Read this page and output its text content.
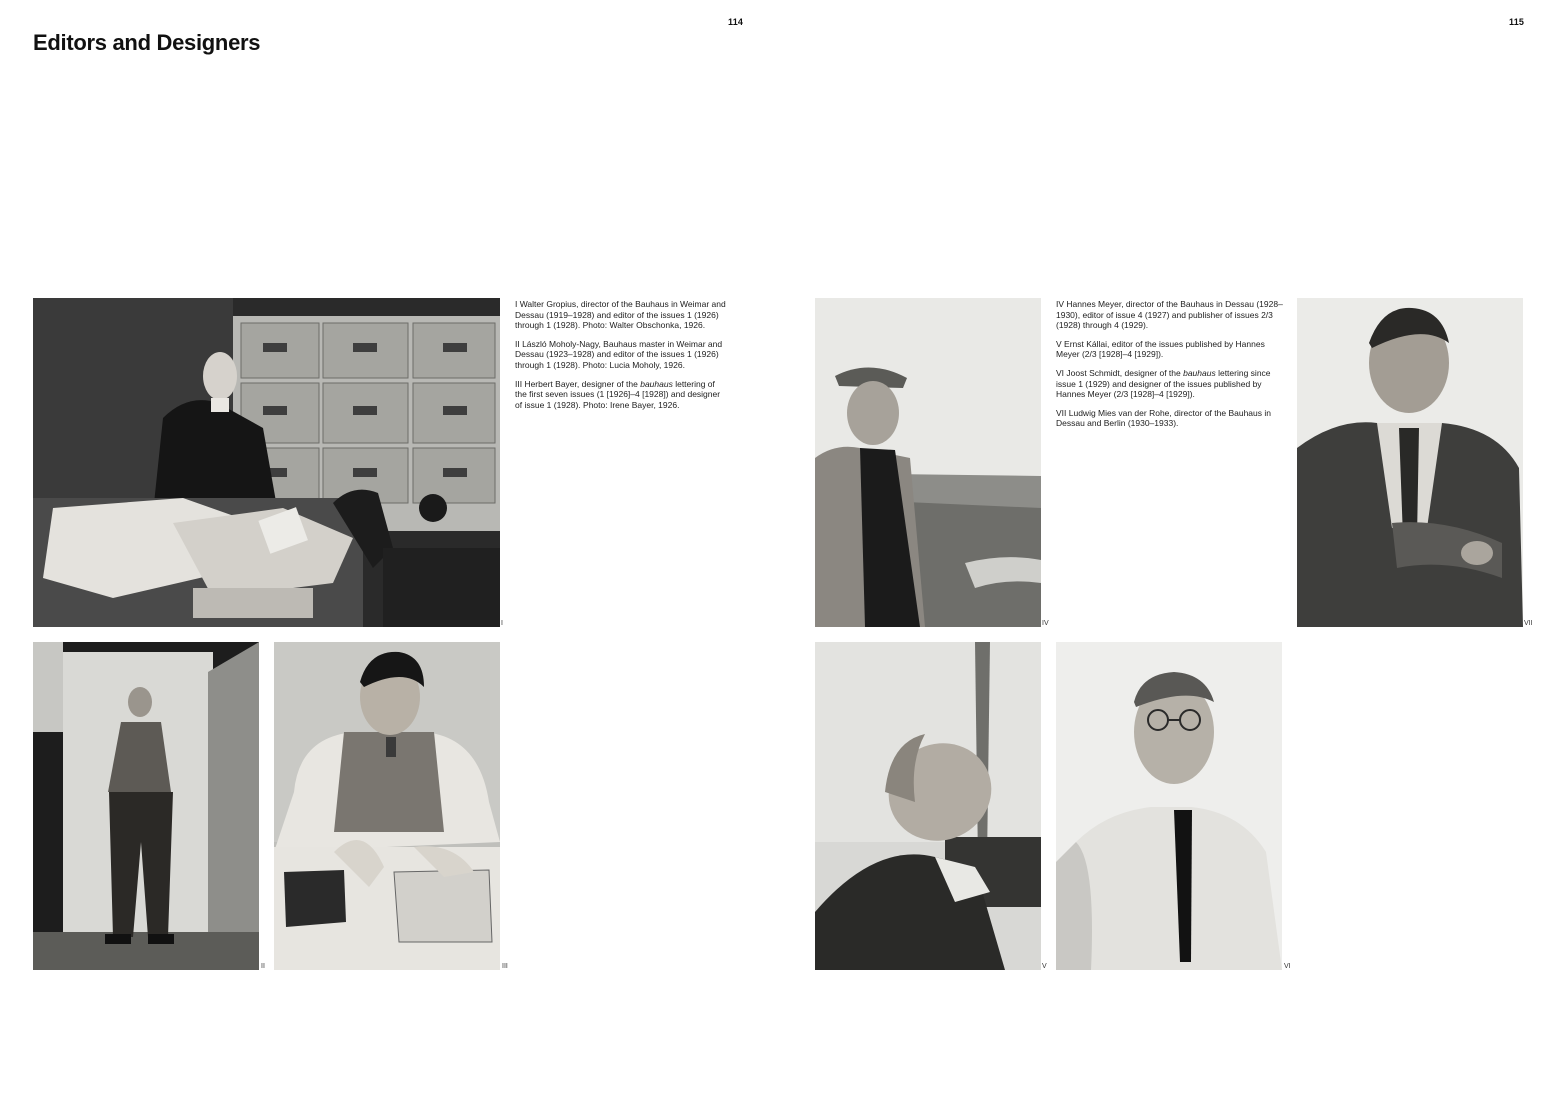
114	115
Editors and Designers
I
II	III

I Walter Gropius, director of the Bauhaus in Weimar and Dessau (1919–1928) and editor of the issues 1 (1926) through 1 (1928). Photo: Walter Obschonka, 1926.

II László Moholy-Nagy, Bauhaus master in Weimar and Dessau (1923–1928) and editor of the issues 1 (1926) through 1 (1928). Photo: Lucia Moholy, 1926.

III Herbert Bayer, designer of the bauhaus lettering of the first seven issues (1 [1926]–4 [1928]) and designer of issue 1 (1928). Photo: Irene Bayer, 1926.

IV

IV Hannes Meyer, director of the Bauhaus in Dessau (1928–1930), editor of issue 4 (1927) and publisher of issues 2/3 (1928) through 4 (1929).

V Ernst Kállai, editor of the issues published by Hannes Meyer (2/3 [1928]–4 [1929]).

VI Joost Schmidt, designer of the bauhaus lettering since issue 1 (1929) and designer of the issues published by Hannes Meyer (2/3 [1928]–4 [1929]).

VII Ludwig Mies van der Rohe, director of the Bauhaus in Dessau and Berlin (1930–1933).

VII
V	VI
